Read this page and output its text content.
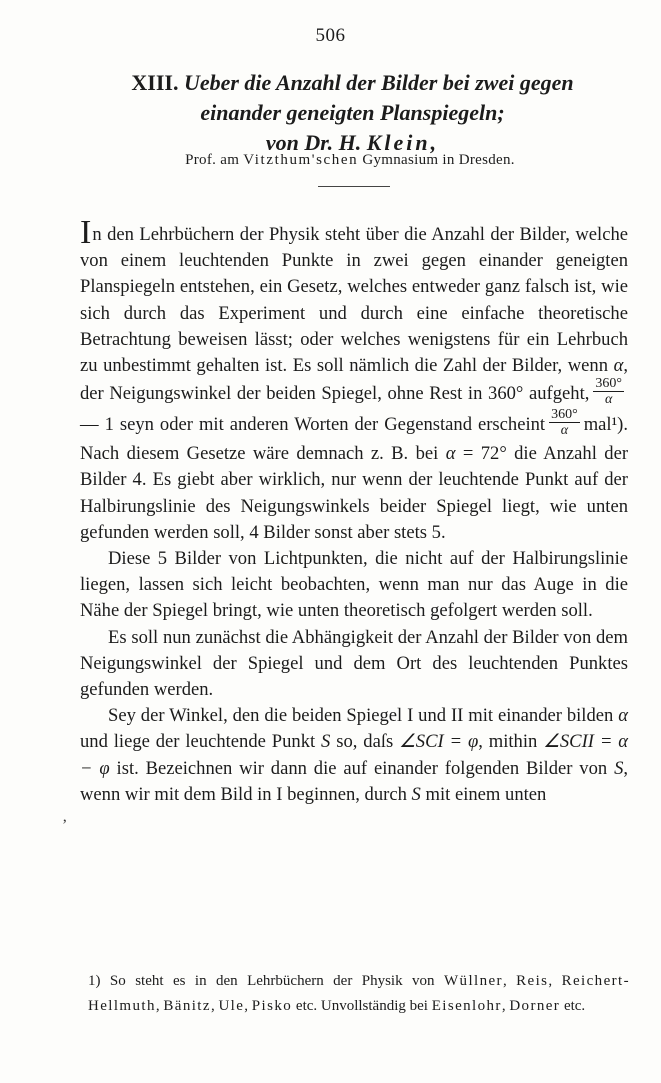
506
XIII. Ueber die Anzahl der Bilder bei zwei gegen
einander geneigten Planspiegeln;
von Dr. H. Klein,
Prof. am Vitzthum'schen Gymnasium in Dresden.

In den Lehrbüchern der Physik steht über die Anzahl der Bilder, welche von einem leuchtenden Punkte in zwei gegen einander geneigten Planspiegeln entstehen, ein Gesetz, welches entweder ganz falsch ist, wie sich durch das Experiment und durch eine einfache theoretische Betrachtung beweisen lässt; oder welches wenigstens für ein Lehrbuch zu unbestimmt gehalten ist. Es soll nämlich die Zahl der Bilder, wenn α, der Neigungswinkel der beiden Spiegel, ohne Rest in 360° aufgeht, $\frac{360^\circ}{\alpha}$
— 1 seyn oder mit anderen Worten der Gegenstand erscheint $\frac{360^\circ}{\alpha} mal^1$). Nach diesem Gesetze wäre demnach z. B. bei α = 72° die Anzahl der Bilder 4. Es giebt aber wirklich, nur wenn der leuchtende Punkt auf der Halbirungslinie des Neigungswinkels beider Spiegel liegt, wie unten gefunden werden soll, 4 Bilder sonst aber stets 5.

Diese 5 Bilder von Lichtpunkten, die nicht auf der Halbirungslinie liegen, lassen sich leicht beobachten, wenn man nur das Auge in die Nähe der Spiegel bringt, wie unten theoretisch gefolgert werden soll.

Es soll nun zunächst die Abhängigkeit der Anzahl der Bilder von dem Neigungswinkel der Spiegel und dem Ort des leuchtenden Punktes gefunden werden.

Sey der Winkel, den die beiden Spiegel I und II mit einander bilden α und liege der leuchtende Punkt S so, daſs ∠SCI = φ, mithin ∠SCII = α − φ ist. Bezeichnen wir dann die auf einander folgenden Bilder von S, wenn wir mit dem Bild in I beginnen, durch S mit einem unten

ʼ
1) So steht es in den Lehrbüchern der Physik von Wüllner, Reis, Reichert-Hellmuth, Bänitz, Ule, Pisko etc. Unvollständig bei Eisenlohr, Dorner etc.
